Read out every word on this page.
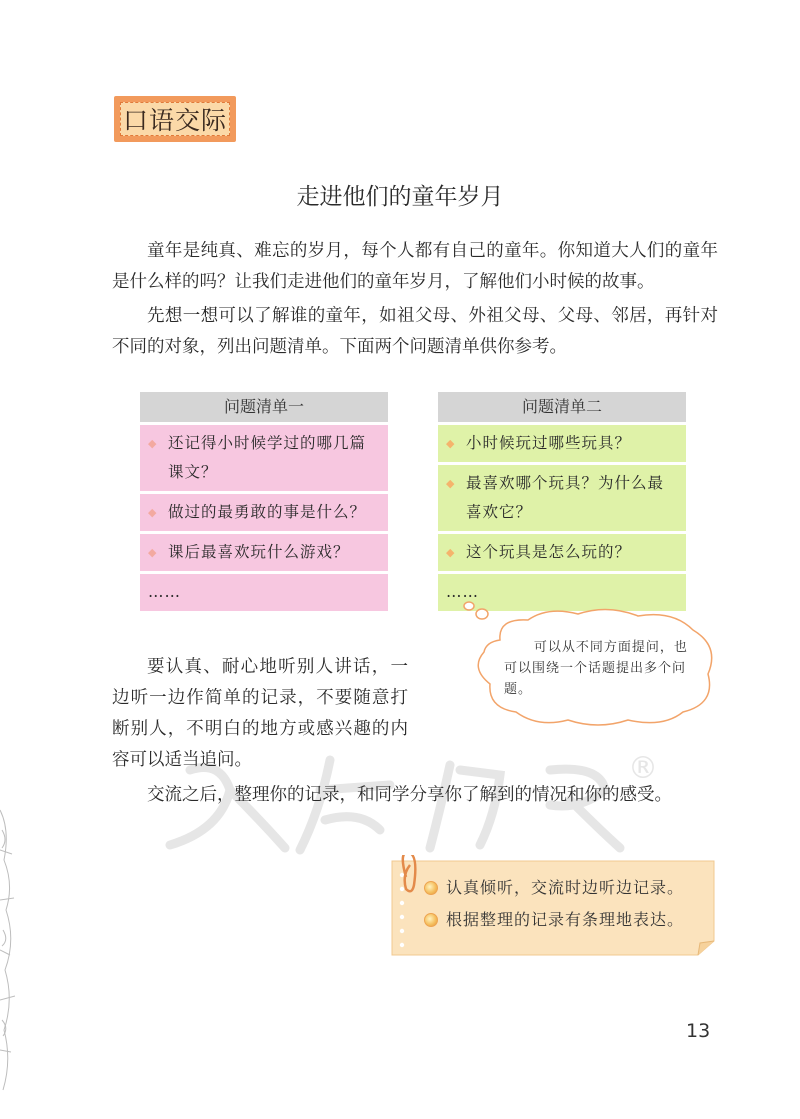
口语交际
走进他们的童年岁月
童年是纯真、难忘的岁月，每个人都有自己的童年。你知道大人们的童年是什么样的吗？让我们走进他们的童年岁月，了解他们小时候的故事。
先想一想可以了解谁的童年，如祖父母、外祖父母、父母、邻居，再针对不同的对象，列出问题清单。下面两个问题清单供你参考。
问题清单一
◆ 还记得小时候学过的哪几篇课文？
◆ 做过的最勇敢的事是什么？
◆ 课后最喜欢玩什么游戏？
……
问题清单二
◆ 小时候玩过哪些玩具？
◆ 最喜欢哪个玩具？为什么最喜欢它？
◆ 这个玩具是怎么玩的？
……
®
可以从不同方面提问，也可以围绕一个话题提出多个问题。
要认真、耐心地听别人讲话，一边听一边作简单的记录，不要随意打断别人，不明白的地方或感兴趣的内容可以适当追问。
交流之后，整理你的记录，和同学分享你了解到的情况和你的感受。
认真倾听，交流时边听边记录。
根据整理的记录有条理地表达。
13
